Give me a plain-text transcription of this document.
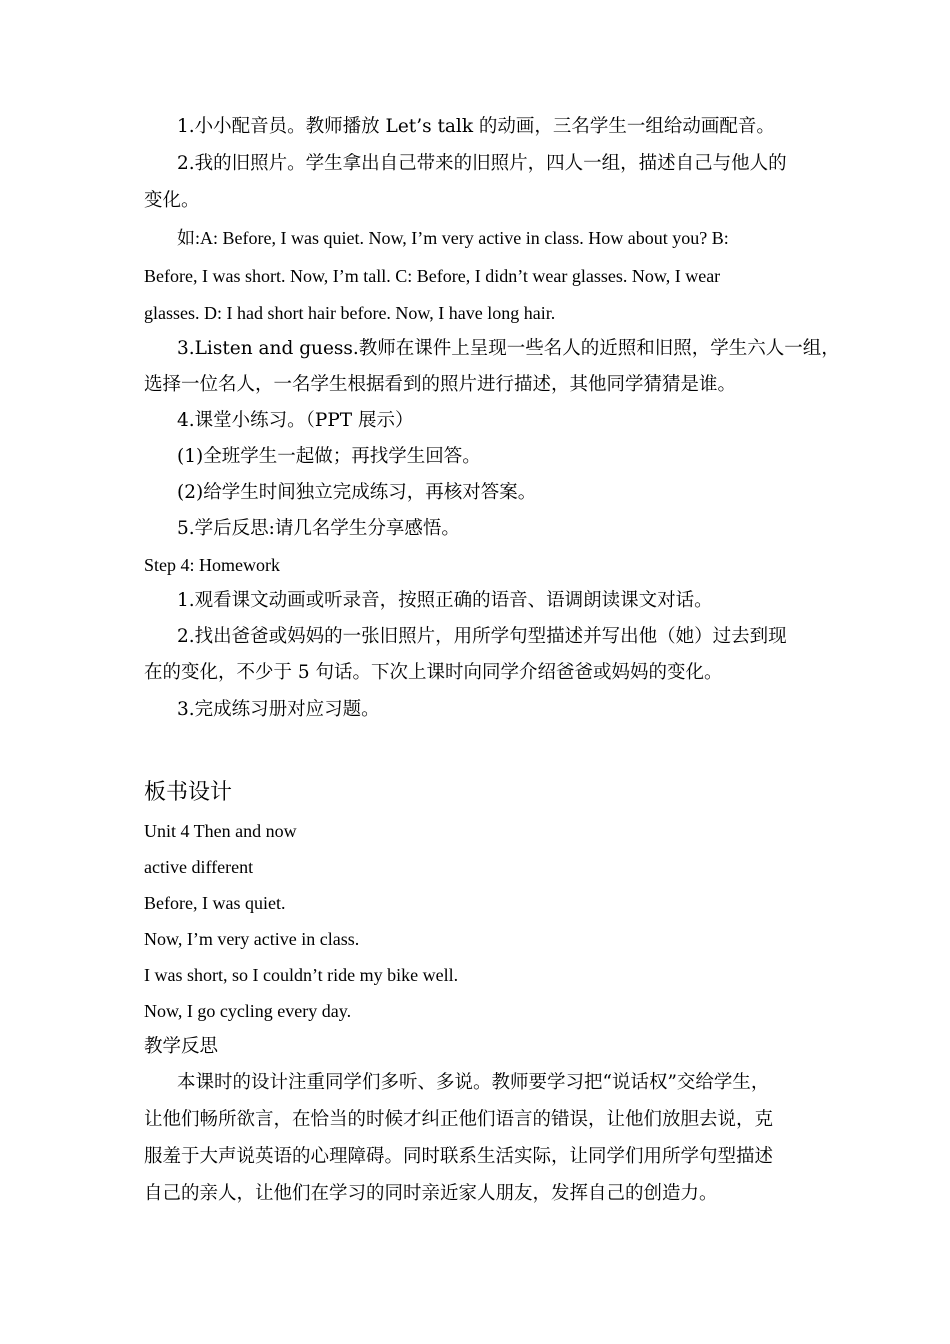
1.小小配音员。教师播放 Let’s talk 的动画，三名学生一组给动画配音。
2.我的旧照片。学生拿出自己带来的旧照片，四人一组，描述自己与他人的
变化。
如:A: Before, I was quiet. Now, I’m very active in class. How about you? B:
Before, I was short. Now, I’m tall. C: Before, I didn’t wear glasses. Now, I wear
glasses. D: I had short hair before. Now, I have long hair.
3.Listen and guess.教师在课件上呈现一些名人的近照和旧照，学生六人一组，
选择一位名人，一名学生根据看到的照片进行描述，其他同学猜猜是谁。
4.课堂小练习。（PPT 展示）
(1)全班学生一起做；再找学生回答。
(2)给学生时间独立完成练习，再核对答案。
5.学后反思:请几名学生分享感悟。
Step 4: Homework
1.观看课文动画或听录音，按照正确的语音、语调朗读课文对话。
2.找出爸爸或妈妈的一张旧照片，用所学句型描述并写出他（她）过去到现
在的变化，不少于 5 句话。下次上课时向同学介绍爸爸或妈妈的变化。
3.完成练习册对应习题。
板书设计
Unit 4 Then and now
active different
Before, I was quiet.
Now, I’m very active in class.
I was short, so I couldn’t ride my bike well.
Now, I go cycling every day.
教学反思
本课时的设计注重同学们多听、多说。教师要学习把“说话权”交给学生，
让他们畅所欲言，在恰当的时候才纠正他们语言的错误，让他们放胆去说，克
服羞于大声说英语的心理障碍。同时联系生活实际，让同学们用所学句型描述
自己的亲人，让他们在学习的同时亲近家人朋友，发挥自己的创造力。
